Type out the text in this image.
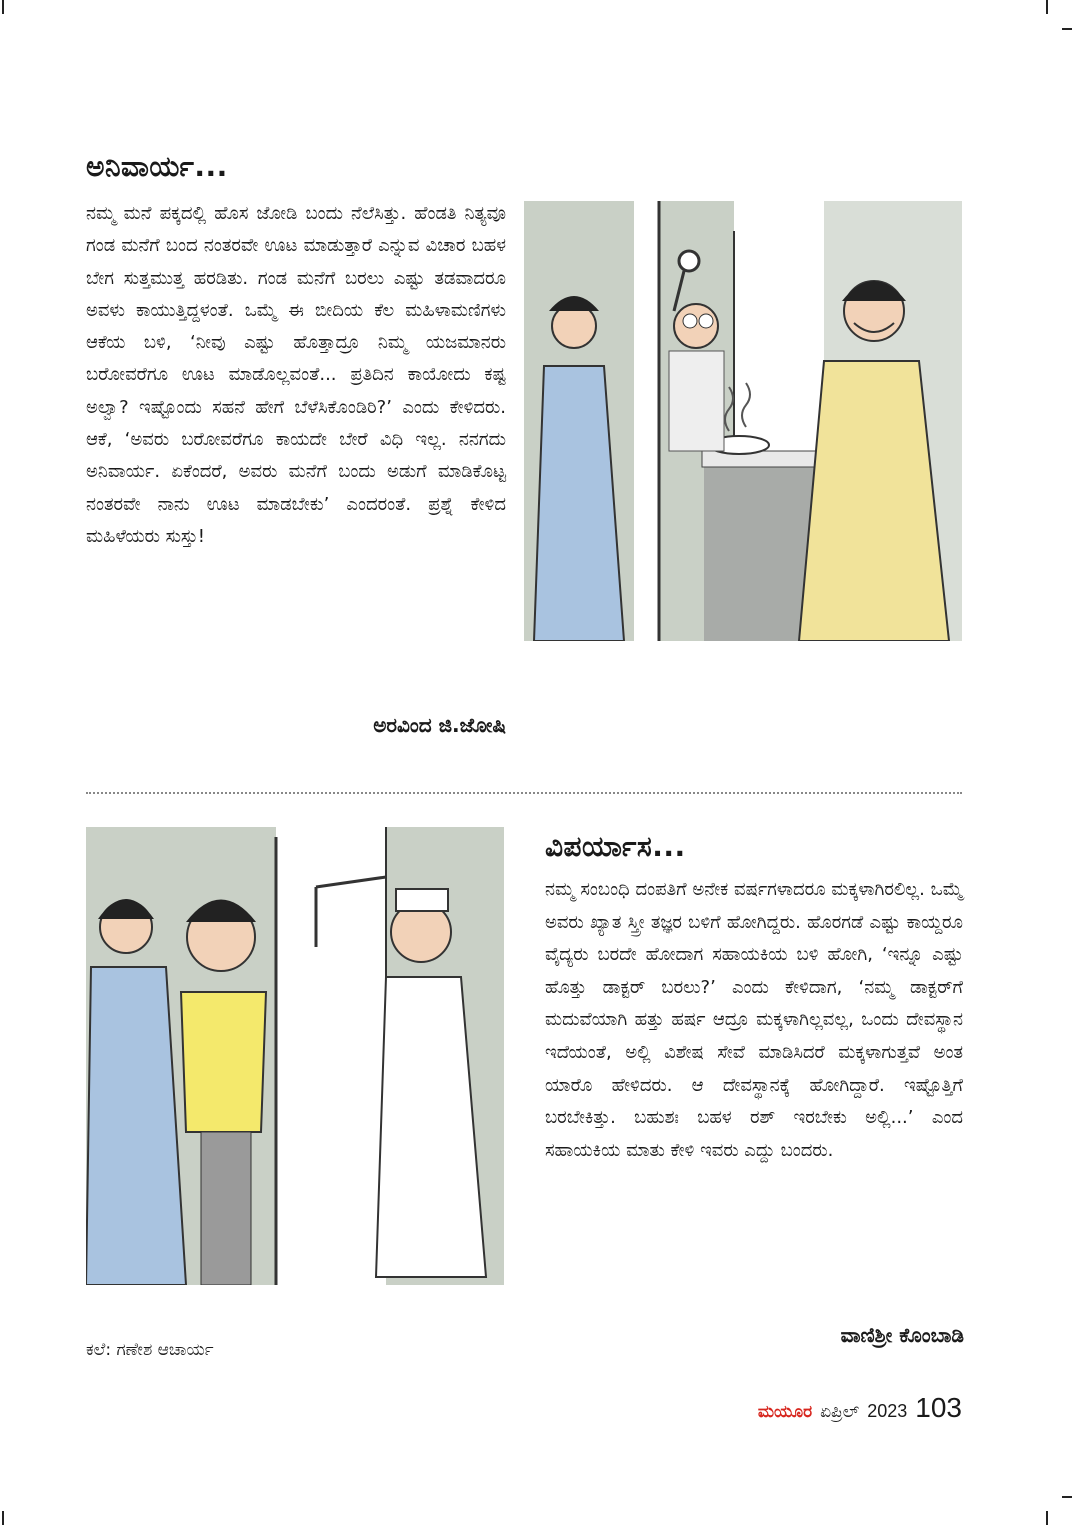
ಅನಿವಾರ್ಯ...

ನಮ್ಮ ಮನೆ ಪಕ್ಕದಲ್ಲಿ ಹೊಸ ಜೋಡಿ ಬಂದು ನೆಲೆಸಿತ್ತು. ಹೆಂಡತಿ ನಿತ್ಯವೂ ಗಂಡ ಮನೆಗೆ ಬಂದ ನಂತರವೇ ಊಟ ಮಾಡುತ್ತಾರೆ ಎನ್ನುವ ವಿಚಾರ ಬಹಳ ಬೇಗ ಸುತ್ತಮುತ್ತ ಹರಡಿತು. ಗಂಡ ಮನೆಗೆ ಬರಲು ಎಷ್ಟು ತಡವಾದರೂ ಅವಳು ಕಾಯುತ್ತಿದ್ದಳಂತೆ. ಒಮ್ಮೆ ಈ ಬೀದಿಯ ಕೆಲ ಮಹಿಳಾಮಣಿಗಳು ಆಕೆಯ ಬಳಿ, ‘ನೀವು ಎಷ್ಟು ಹೊತ್ತಾದ್ರೂ ನಿಮ್ಮ ಯಜಮಾನರು ಬರೋವರೆಗೂ ಊಟ ಮಾಡೊಲ್ಲವಂತೆ... ಪ್ರತಿದಿನ ಕಾಯೋದು ಕಷ್ಟ ಅಲ್ವಾ? ಇಷ್ಟೊಂದು ಸಹನೆ ಹೇಗೆ ಬೆಳೆಸಿಕೊಂಡಿರಿ?’ ಎಂದು ಕೇಳಿದರು. ಆಕೆ, ‘ಅವರು ಬರೋವರೆಗೂ ಕಾಯದೇ ಬೇರೆ ವಿಧಿ ಇಲ್ಲ. ನನಗದು ಅನಿವಾರ್ಯ. ಏಕೆಂದರೆ, ಅವರು ಮನೆಗೆ ಬಂದು ಅಡುಗೆ ಮಾಡಿಕೊಟ್ಟ ನಂತರವೇ ನಾನು ಊಟ ಮಾಡಬೇಕು’ ಎಂದರಂತೆ. ಪ್ರಶ್ನೆ ಕೇಳಿದ ಮಹಿಳೆಯರು ಸುಸ್ತು!

ಅರವಿಂದ ಜಿ.ಜೋಷಿ

ವಿಪರ್ಯಾಸ...

ನಮ್ಮ ಸಂಬಂಧಿ ದಂಪತಿಗೆ ಅನೇಕ ವರ್ಷಗಳಾದರೂ ಮಕ್ಕಳಾಗಿರಲಿಲ್ಲ. ಒಮ್ಮೆ ಅವರು ಖ್ಯಾತ ಸ್ತ್ರೀ ತಜ್ಞರ ಬಳಿಗೆ ಹೋಗಿದ್ದರು. ಹೊರಗಡೆ ಎಷ್ಟು ಕಾಯ್ದರೂ ವೈದ್ಯರು ಬರದೇ ಹೋದಾಗ ಸಹಾಯಕಿಯ ಬಳಿ ಹೋಗಿ, ‘ಇನ್ನೂ ಎಷ್ಟು ಹೊತ್ತು ಡಾಕ್ಟರ್ ಬರಲು?’ ಎಂದು ಕೇಳಿದಾಗ, ‘ನಮ್ಮ ಡಾಕ್ಟರ್‌ಗೆ ಮದುವೆಯಾಗಿ ಹತ್ತು ಹರ್ಷ ಆದ್ರೂ ಮಕ್ಕಳಾಗಿಲ್ಲವಲ್ಲ, ಒಂದು ದೇವಸ್ಥಾನ ಇದೆಯಂತೆ, ಅಲ್ಲಿ ವಿಶೇಷ ಸೇವೆ ಮಾಡಿಸಿದರೆ ಮಕ್ಕಳಾಗುತ್ತವೆ ಅಂತ ಯಾರೊ ಹೇಳಿದರು. ಆ ದೇವಸ್ಥಾನಕ್ಕೆ ಹೋಗಿದ್ದಾರೆ. ಇಷ್ಟೊತ್ತಿಗೆ ಬರಬೇಕಿತ್ತು. ಬಹುಶಃ ಬಹಳ ರಶ್ ಇರಬೇಕು ಅಲ್ಲಿ...’ ಎಂದ ಸಹಾಯಕಿಯ ಮಾತು ಕೇಳಿ ಇವರು ಎದ್ದು ಬಂದರು.

ವಾಣಿಶ್ರೀ ಕೊಂಬಾಡಿ

ಕಲೆ: ಗಣೇಶ ಆಚಾರ್ಯ

ಮಯೂರ ಏಪ್ರಿಲ್ 2023 103
